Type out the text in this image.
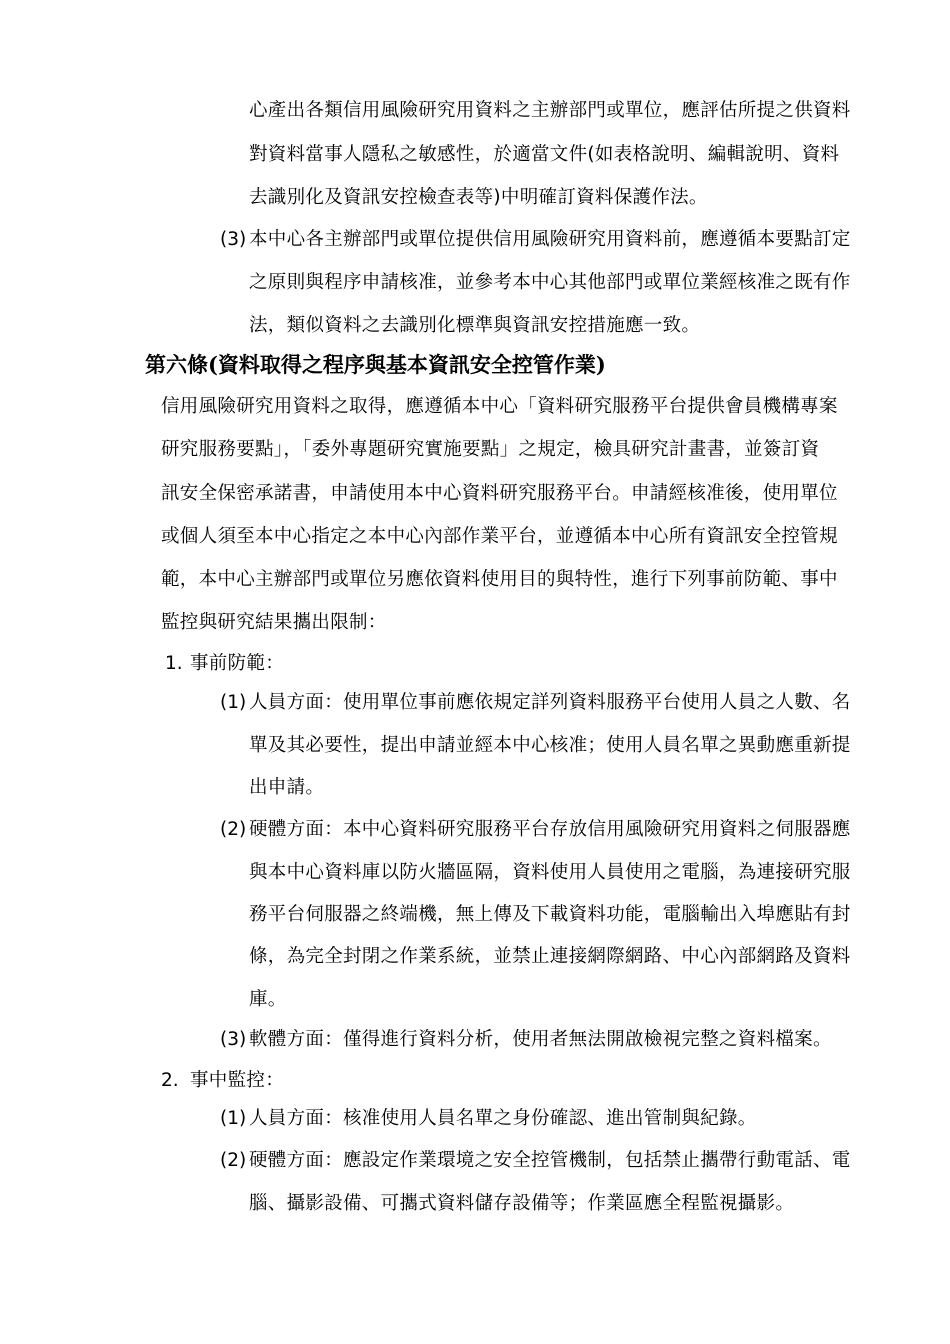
心產出各類信用風險研究用資料之主辦部門或單位，應評估所提之供資料
對資料當事人隱私之敏感性，於適當文件(如表格說明、編輯說明、資料
去識別化及資訊安控檢查表等)中明確訂資料保護作法。
(3) 本中心各主辦部門或單位提供信用風險研究用資料前，應遵循本要點訂定
之原則與程序申請核准，並參考本中心其他部門或單位業經核准之既有作
法，類似資料之去識別化標準與資訊安控措施應一致。
第六條(資料取得之程序與基本資訊安全控管作業)
信用風險研究用資料之取得，應遵循本中心「資料研究服務平台提供會員機構專案
研究服務要點」，「委外專題研究實施要點」之規定，檢具研究計畫書，並簽訂資
訊安全保密承諾書，申請使用本中心資料研究服務平台。申請經核准後，使用單位
或個人須至本中心指定之本中心內部作業平台，並遵循本中心所有資訊安全控管規
範，本中心主辦部門或單位另應依資料使用目的與特性，進行下列事前防範、事中
監控與研究結果攜出限制：
1. 事前防範：
(1) 人員方面：使用單位事前應依規定詳列資料服務平台使用人員之人數、名
單及其必要性，提出申請並經本中心核准；使用人員名單之異動應重新提
出申請。
(2) 硬體方面：本中心資料研究服務平台存放信用風險研究用資料之伺服器應
與本中心資料庫以防火牆區隔，資料使用人員使用之電腦，為連接研究服
務平台伺服器之終端機，無上傳及下載資料功能，電腦輸出入埠應貼有封
條，為完全封閉之作業系統，並禁止連接網際網路、中心內部網路及資料
庫。
(3) 軟體方面：僅得進行資料分析，使用者無法開啟檢視完整之資料檔案。
2. 事中監控：
(1) 人員方面：核准使用人員名單之身份確認、進出管制與紀錄。
(2) 硬體方面：應設定作業環境之安全控管機制，包括禁止攜帶行動電話、電
腦、攝影設備、可攜式資料儲存設備等；作業區應全程監視攝影。
